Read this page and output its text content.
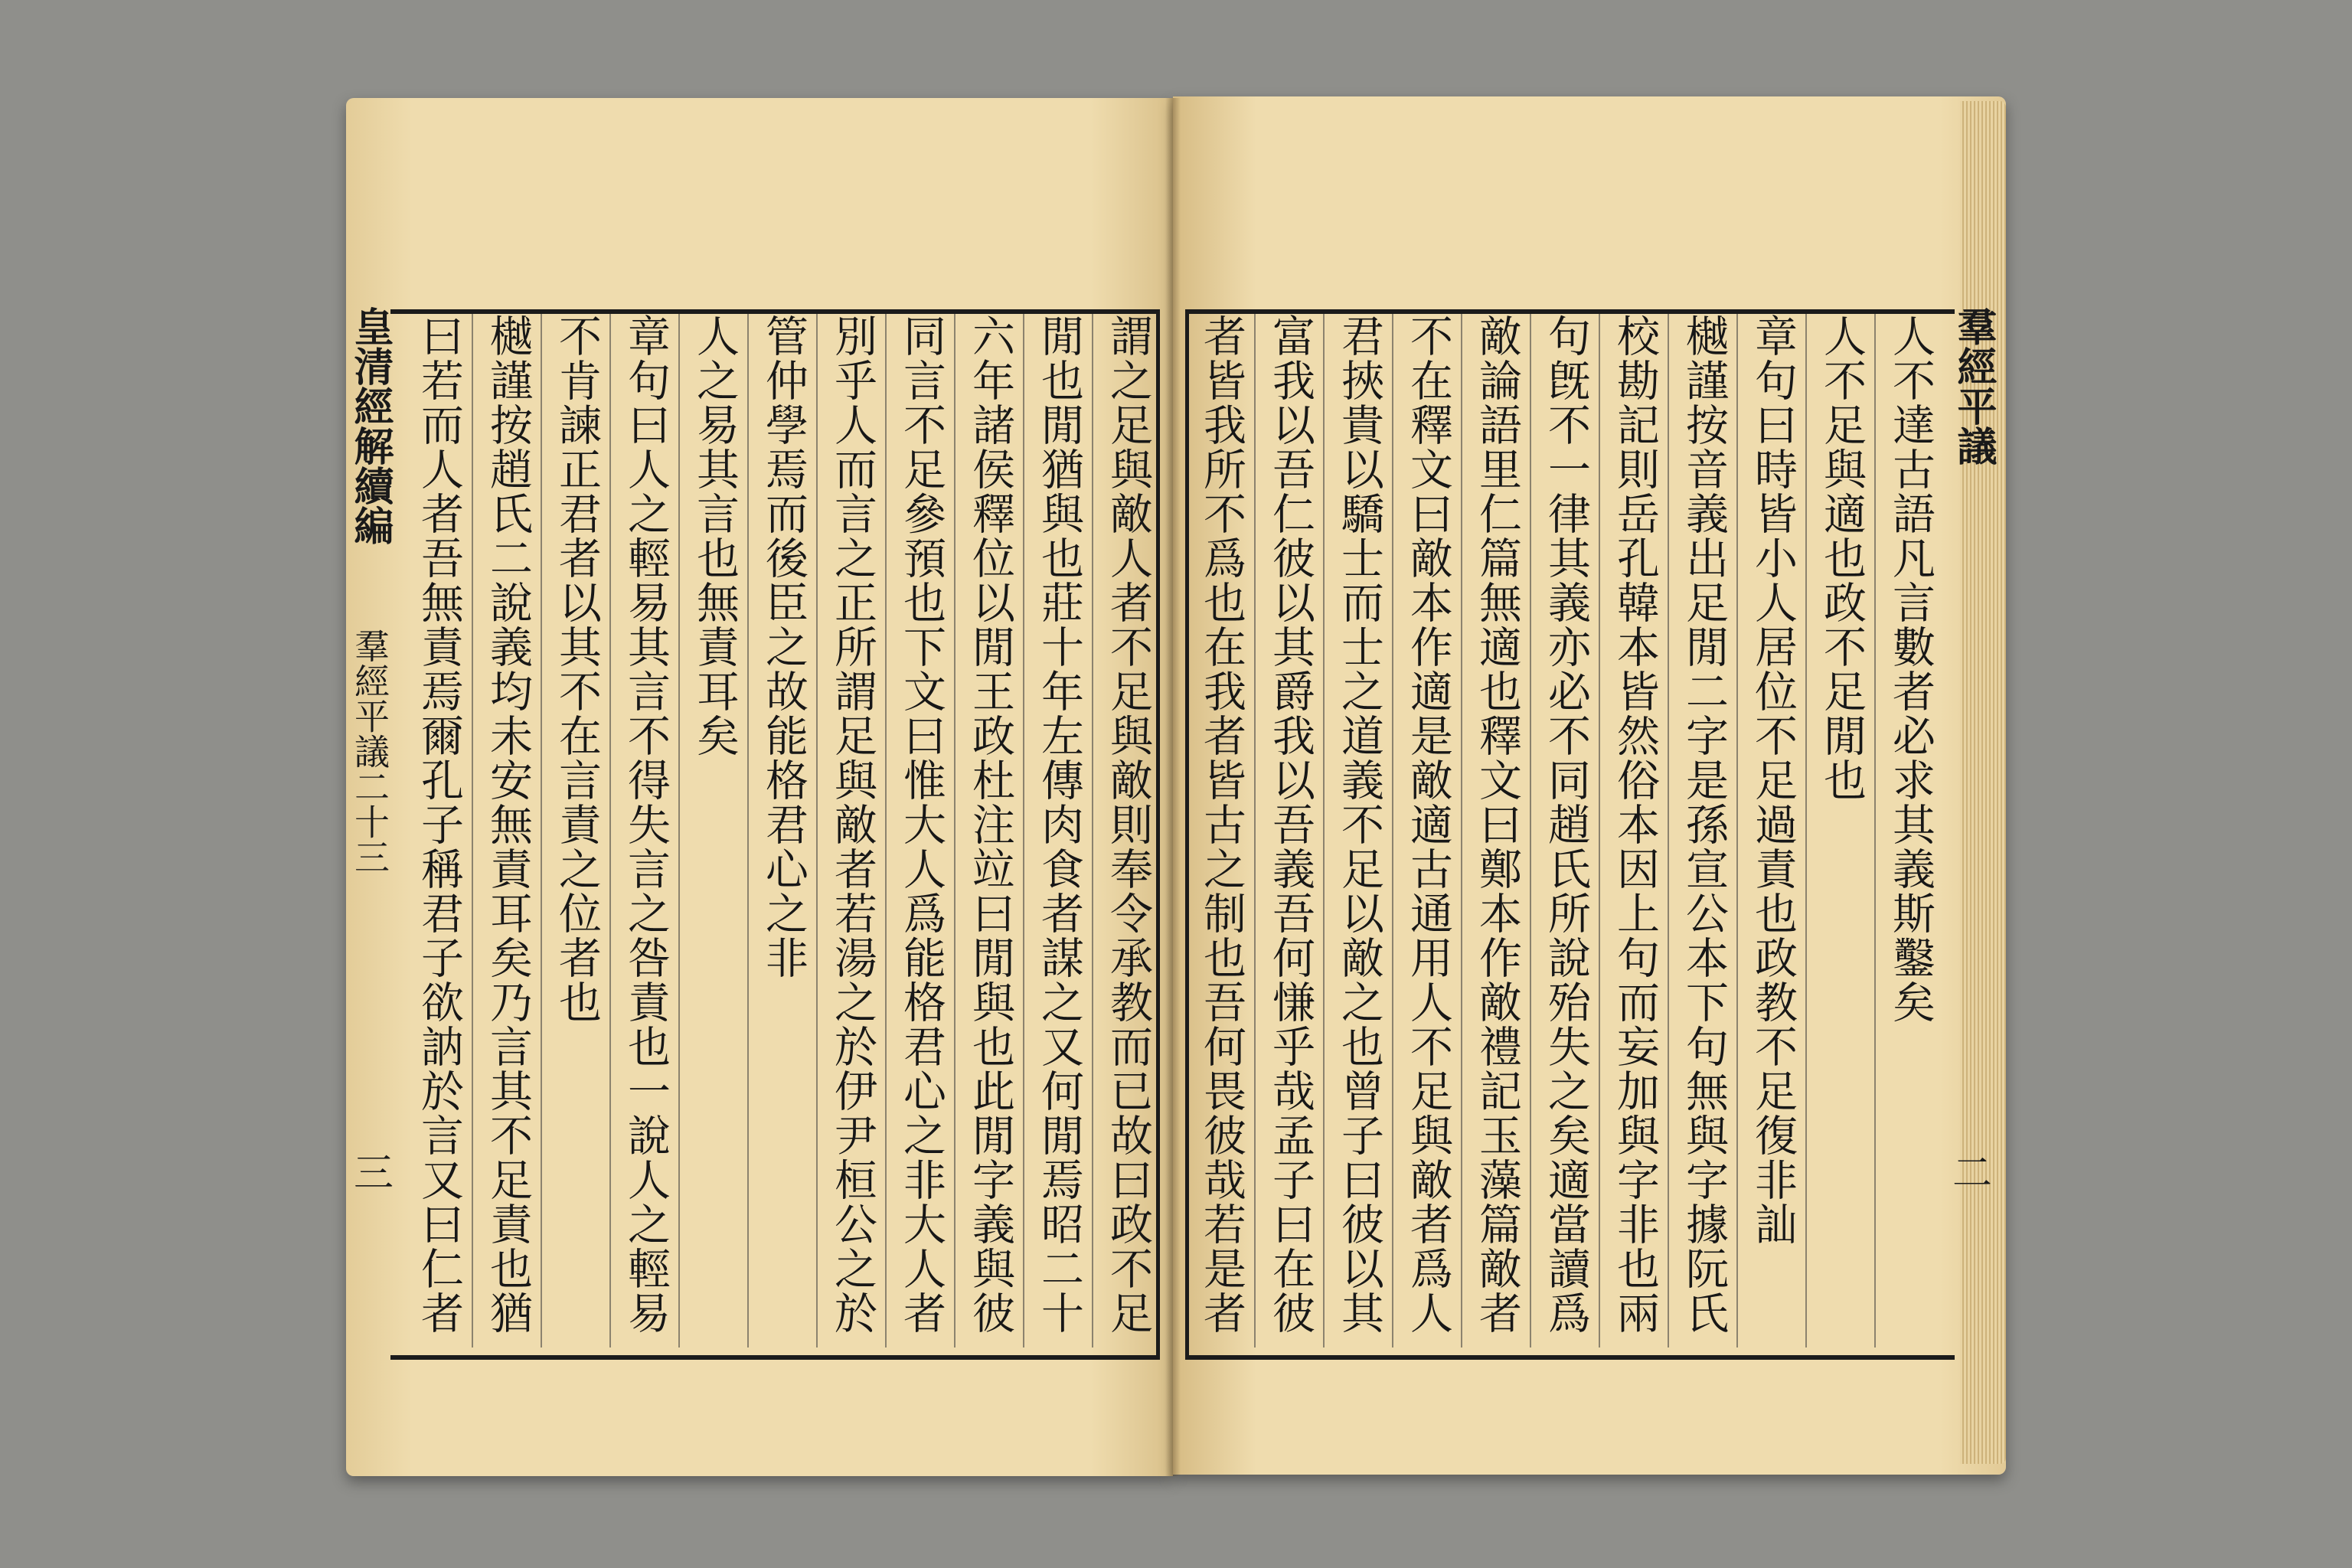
皇清經解續編
羣經平議二十三
三
羣經平議
二
謂之足與敵人者不足與敵則奉令承教而已故曰政不足
閒也閒猶與也莊十年左傳肉食者謀之又何閒焉昭二十
六年諸侯釋位以閒王政杜注竝曰閒與也此閒字義與彼
同言不足參預也下文曰惟大人爲能格君心之非大人者
別乎人而言之正所謂足與敵者若湯之於伊尹桓公之於
管仲學焉而後臣之故能格君心之非
人之易其言也無責耳矣
章句曰人之輕易其言不得失言之咎責也一說人之輕易
不肯諫正君者以其不在言責之位者也
樾謹按趙氏二說義均未安無責耳矣乃言其不足責也猶
曰若而人者吾無責焉爾孔子稱君子欲訥於言又曰仁者	人不達古語凡言數者必求其義斯鑿矣
人不足與適也政不足閒也
章句曰時皆小人居位不足過責也政教不足復非訕
樾謹按音義出足閒二字是孫宣公本下句無與字據阮氏
校勘記則岳孔韓本皆然俗本因上句而妄加與字非也兩
句旣不一律其義亦必不同趙氏所說殆失之矣適當讀爲
敵論語里仁篇無適也釋文曰鄭本作敵禮記玉藻篇敵者
不在釋文曰敵本作適是敵適古通用人不足與敵者爲人
君挾貴以驕士而士之道義不足以敵之也曾子曰彼以其
富我以吾仁彼以其爵我以吾義吾何慊乎哉孟子曰在彼
者皆我所不爲也在我者皆古之制也吾何畏彼哉若是者
